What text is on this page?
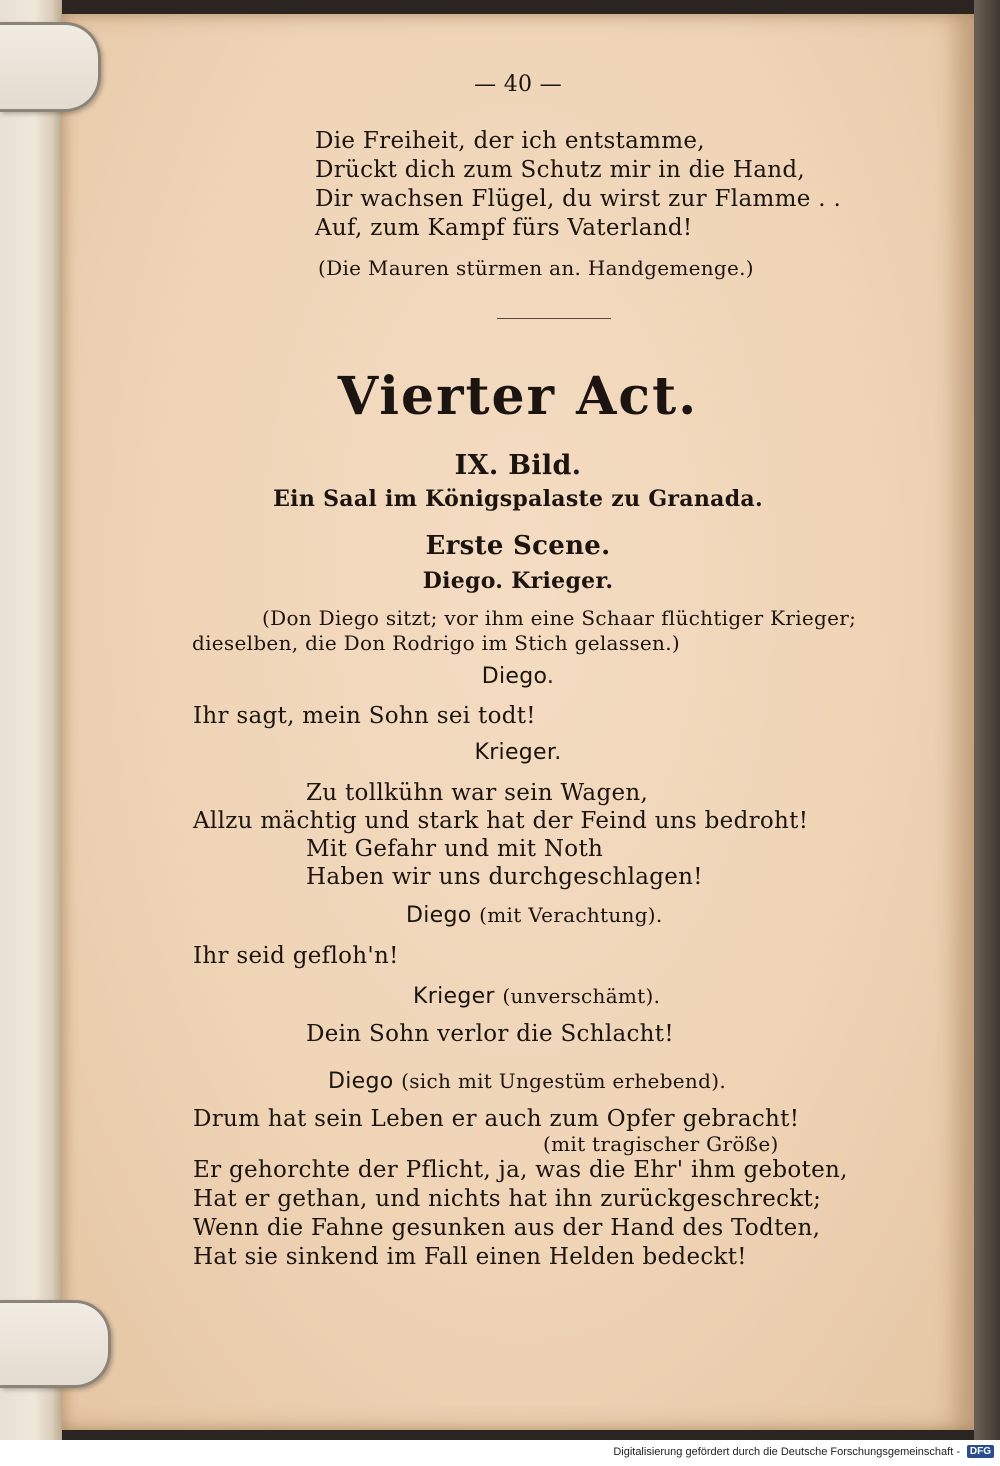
— 40 —
Die Freiheit, der ich entstamme,
Drückt dich zum Schutz mir in die Hand,
Dir wachsen Flügel, du wirst zur Flamme . .
Auf, zum Kampf fürs Vaterland!
(Die Mauren stürmen an. Handgemenge.)
Vierter Act.
IX. Bild.
Ein Saal im Königspalaste zu Granada.
Erste Scene.
Diego. Krieger.
(Don Diego sitzt; vor ihm eine Schaar flüchtiger Krieger;
dieselben, die Don Rodrigo im Stich gelassen.)
Diego.
Ihr sagt, mein Sohn sei todt!
Krieger.
Zu tollkühn war sein Wagen,
Allzu mächtig und stark hat der Feind uns bedroht!
Mit Gefahr und mit Noth
Haben wir uns durchgeschlagen!
Diego (mit Verachtung).
Ihr seid gefloh'n!
Krieger (unverschämt).
Dein Sohn verlor die Schlacht!
Diego (sich mit Ungestüm erhebend).
Drum hat sein Leben er auch zum Opfer gebracht!
(mit tragischer Größe)
Er gehorchte der Pflicht, ja, was die Ehr' ihm geboten,
Hat er gethan, und nichts hat ihn zurückgeschreckt;
Wenn die Fahne gesunken aus der Hand des Todten,
Hat sie sinkend im Fall einen Helden bedeckt!
Digitalisierung gefördert durch die Deutsche Forschungsgemeinschaft - DFG
